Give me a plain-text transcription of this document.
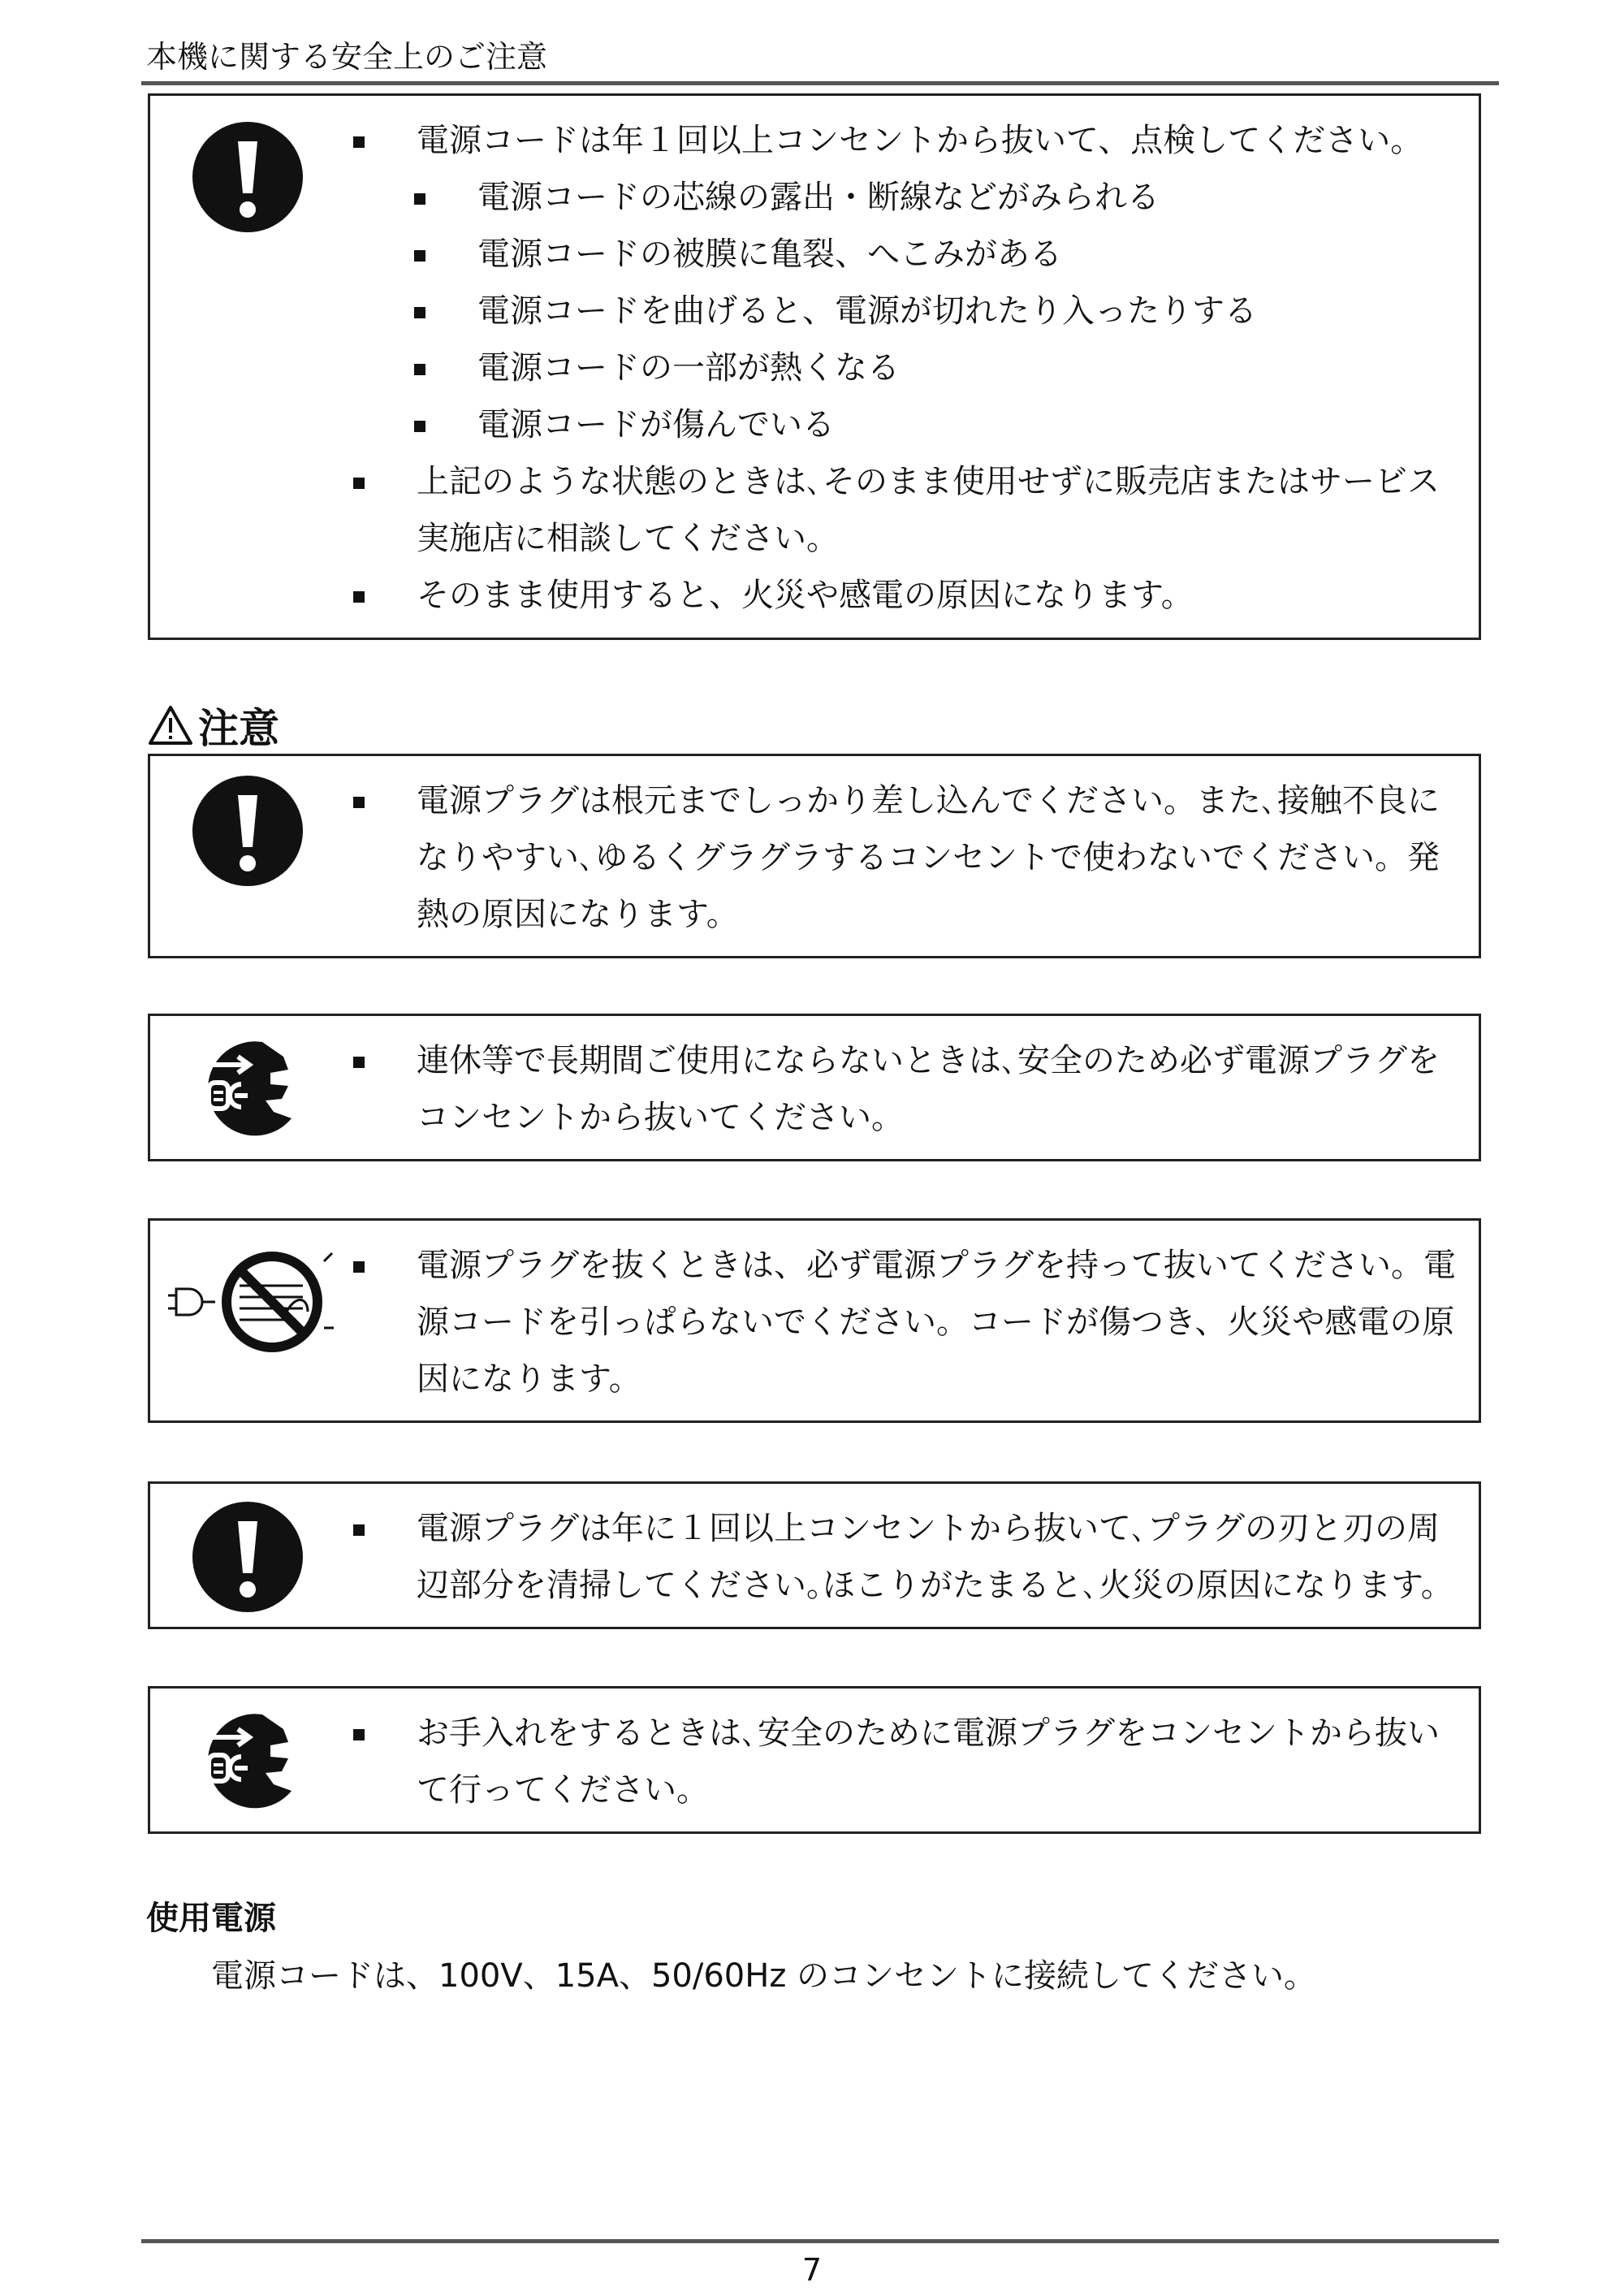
本機に関する安全上のご注意
電源コードは年１回以上コンセントから抜いて、点検してください。
電源コードの芯線の露出・断線などがみられる
電源コードの被膜に亀裂、へこみがある
電源コードを曲げると、電源が切れたり入ったりする
電源コードの一部が熱くなる
電源コードが傷んでいる
上記のような状態のときは､そのまま使用せずに販売店またはサービス
実施店に相談してください。
そのまま使用すると、火災や感電の原因になります。
注意
電源プラグは根元までしっかり差し込んでください。また､接触不良に
なりやすい､ゆるくグラグラするコンセントで使わないでください。発
熱の原因になります。
連休等で長期間ご使用にならないときは､安全のため必ず電源プラグを
コンセントから抜いてください。
電源プラグを抜くときは、必ず電源プラグを持って抜いてください。電
源コードを引っぱらないでください。コードが傷つき、火災や感電の原
因になります。
電源プラグは年に１回以上コンセントから抜いて､プラグの刃と刃の周
辺部分を清掃してください｡ほこりがたまると､火災の原因になります。
お手入れをするときは､安全のために電源プラグをコンセントから抜い
て行ってください。
使用電源
電源コードは、100V、15A、50/60Hz のコンセントに接続してください。
7
